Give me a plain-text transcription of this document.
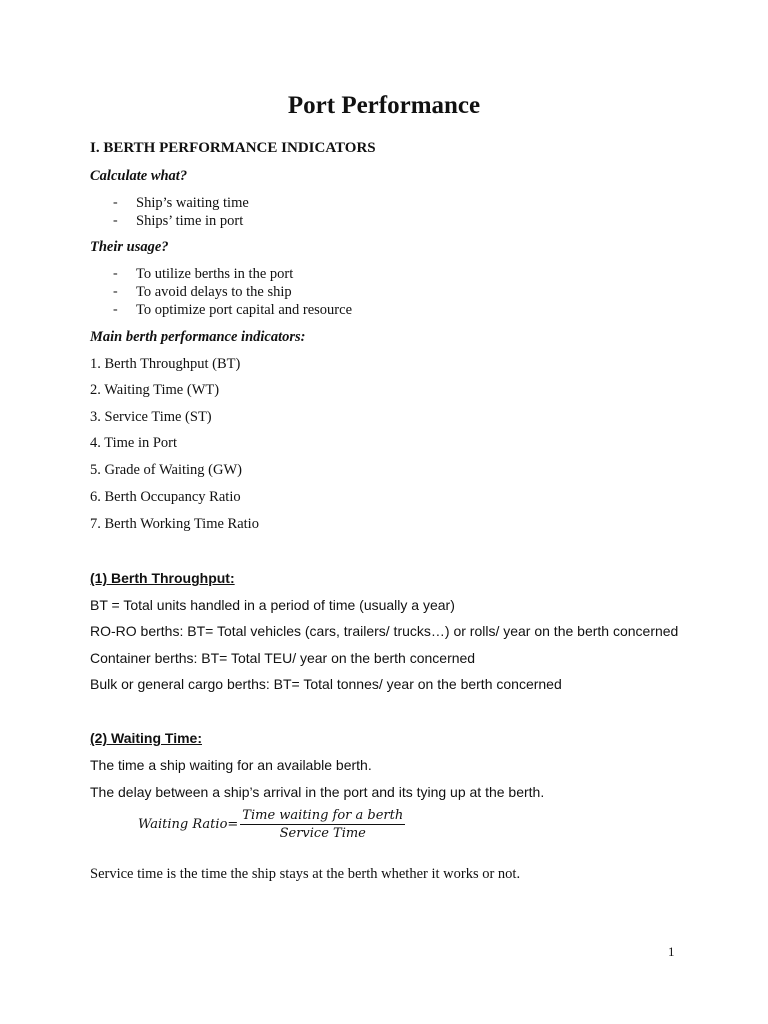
Port Performance
I. BERTH PERFORMANCE INDICATORS
Calculate what?
- Ship’s waiting time
- Ships’ time in port
Their usage?
- To utilize berths in the port
- To avoid delays to the ship
- To optimize port capital and resource
Main berth performance indicators:
1. Berth Throughput (BT)
2. Waiting Time (WT)
3. Service Time (ST)
4. Time in Port
5. Grade of Waiting (GW)
6. Berth Occupancy Ratio
7. Berth Working Time Ratio
(1) Berth Throughput:
BT = Total units handled in a period of time (usually a year)
RO-RO berths: BT= Total vehicles (cars, trailers/ trucks…) or rolls/ year on the berth concerned
Container berths: BT= Total TEU/ year on the berth concerned
Bulk or general cargo berths: BT= Total tonnes/ year on the berth concerned
(2) Waiting Time:
The time a ship waiting for an available berth.
The delay between a ship’s arrival in the port and its tying up at the berth.
Waiting Ratio= $\frac{\text{Time waiting for a berth}}{\text{Service Time}}$
Service time is the time the ship stays at the berth whether it works or not.
1
